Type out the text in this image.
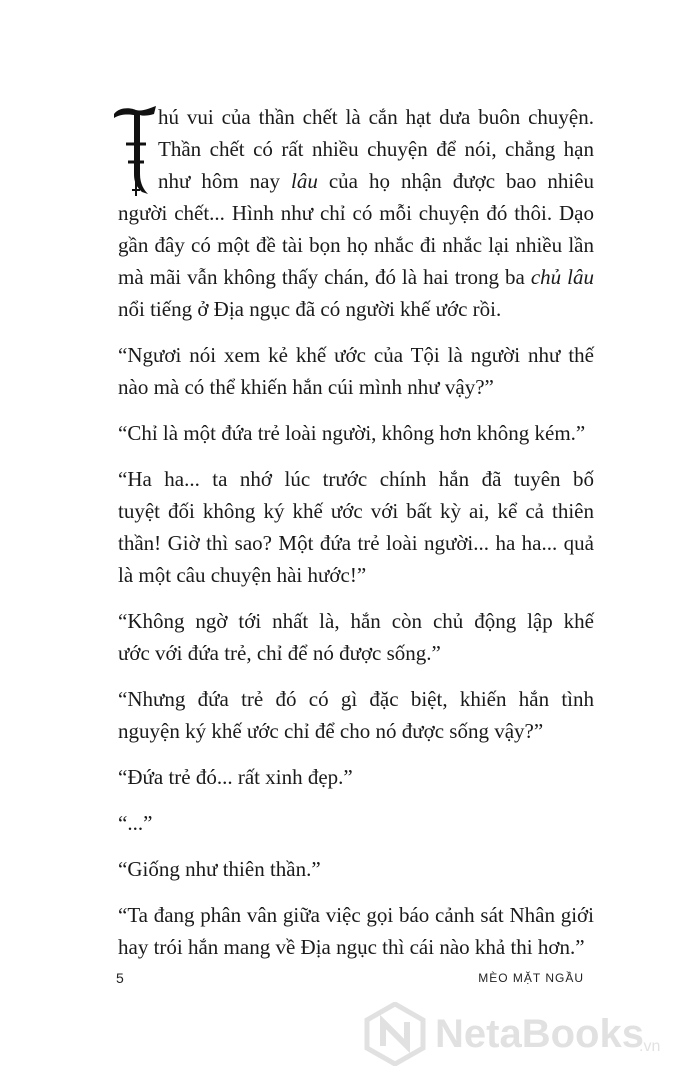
hú vui của thần chết là cắn hạt dưa buôn chuyện.
Thần chết có rất nhiều chuyện để nói, chẳng hạn
như hôm nay lâu của họ nhận được bao nhiêu
người chết... Hình như chỉ có mỗi chuyện đó thôi. Dạo
gần đây có một đề tài bọn họ nhắc đi nhắc lại nhiều lần
mà mãi vẫn không thấy chán, đó là hai trong ba chủ lâu
nổi tiếng ở Địa ngục đã có người khế ước rồi.
“Ngươi nói xem kẻ khế ước của Tội là người như thế
nào mà có thể khiến hắn cúi mình như vậy?”
“Chỉ là một đứa trẻ loài người, không hơn không kém.”
“Ha ha... ta nhớ lúc trước chính hắn đã tuyên bố
tuyệt đối không ký khế ước với bất kỳ ai, kể cả thiên
thần! Giờ thì sao? Một đứa trẻ loài người... ha ha... quả
là một câu chuyện hài hước!”
“Không ngờ tới nhất là, hắn còn chủ động lập khế
ước với đứa trẻ, chỉ để nó được sống.”
“Nhưng đứa trẻ đó có gì đặc biệt, khiến hắn tình
nguyện ký khế ước chỉ để cho nó được sống vậy?”
“Đứa trẻ đó... rất xinh đẹp.”
“...”
“Giống như thiên thần.”
“Ta đang phân vân giữa việc gọi báo cảnh sát Nhân giới
hay trói hắn mang về Địa ngục thì cái nào khả thi hơn.”
5	MÈO MẶT NGẦU
NetaBooks
.vn
